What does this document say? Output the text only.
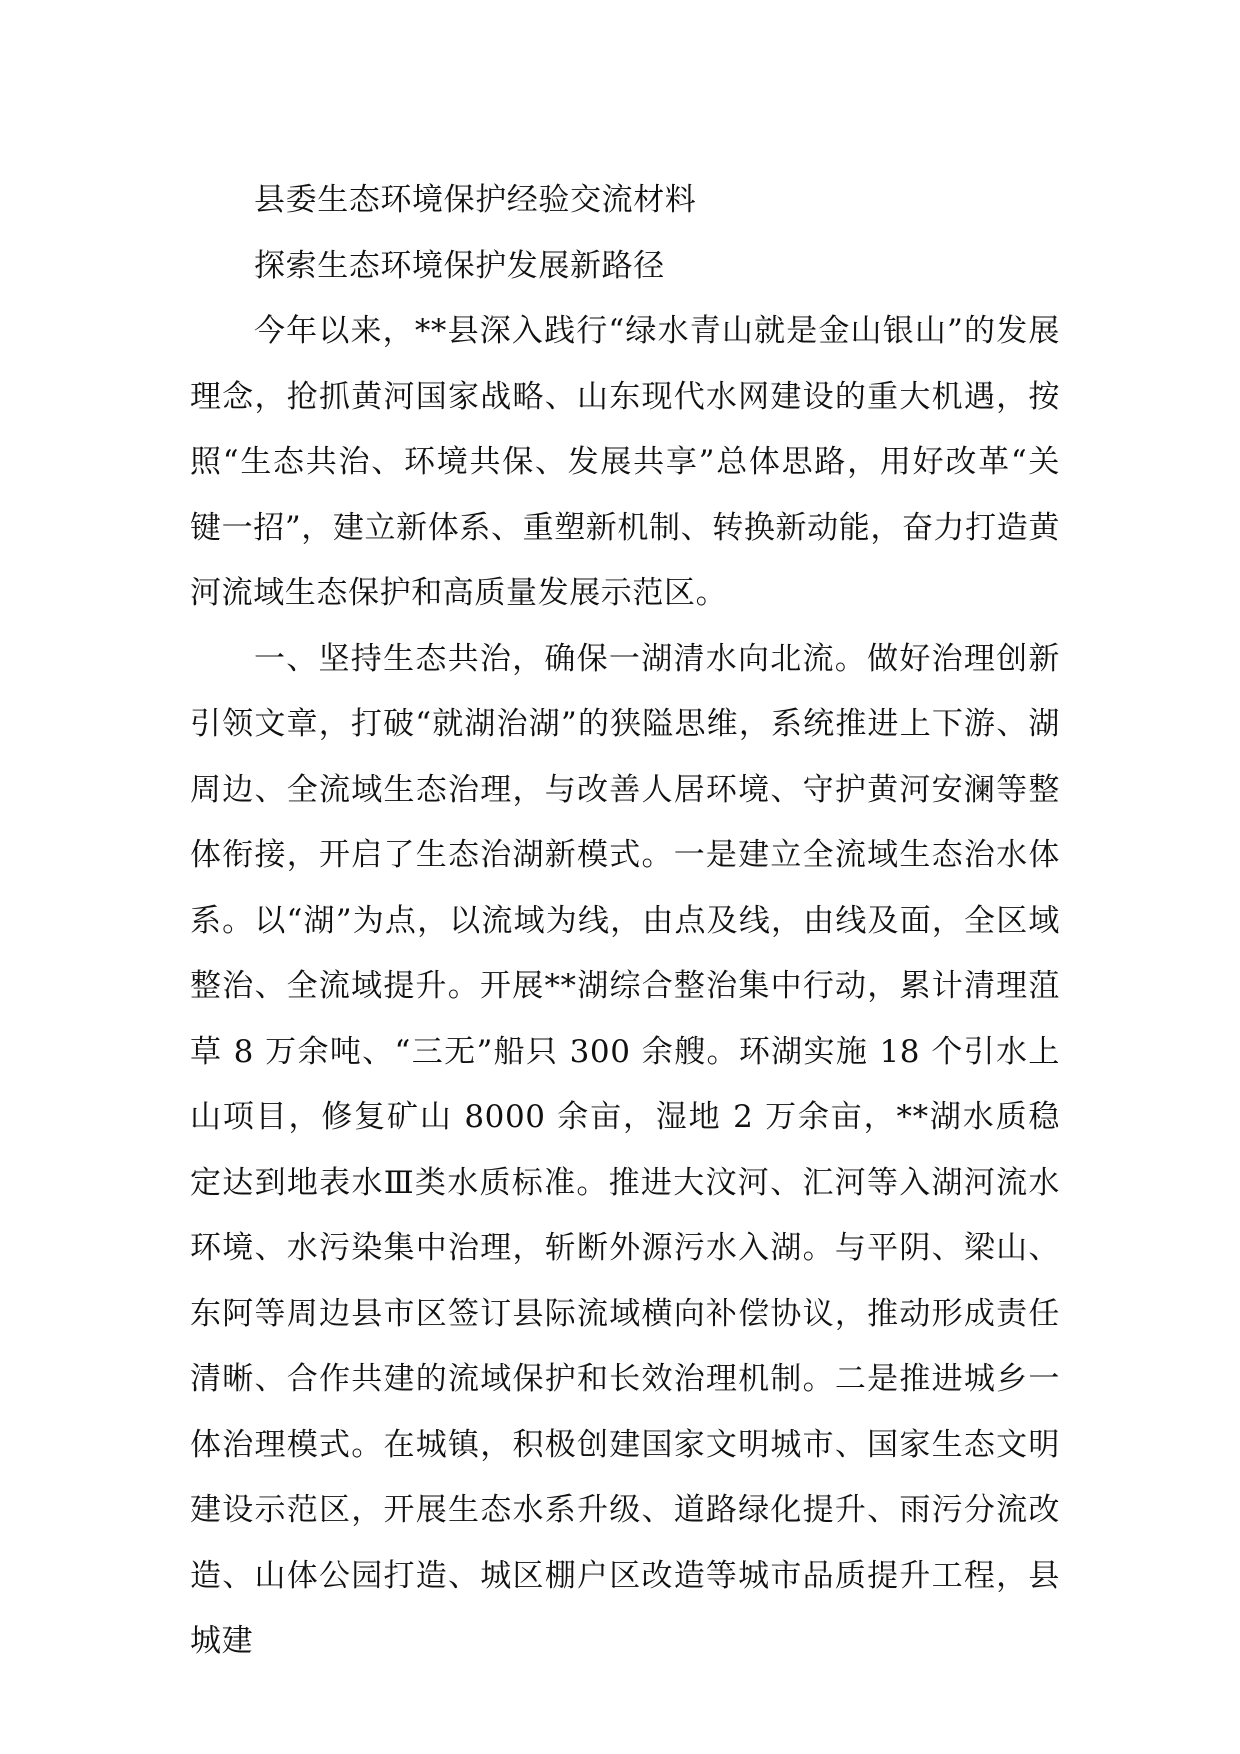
县委生态环境保护经验交流材料

探索生态环境保护发展新路径

今年以来，**县深入践行“绿水青山就是金山银山”的发展理念，抢抓黄河国家战略、山东现代水网建设的重大机遇，按照“生态共治、环境共保、发展共享”总体思路，用好改革“关键一招”，建立新体系、重塑新机制、转换新动能，奋力打造黄河流域生态保护和高质量发展示范区。

一、坚持生态共治，确保一湖清水向北流。做好治理创新引领文章，打破“就湖治湖”的狭隘思维，系统推进上下游、湖周边、全流域生态治理，与改善人居环境、守护黄河安澜等整体衔接，开启了生态治湖新模式。一是建立全流域生态治水体系。以“湖”为点，以流域为线，由点及线，由线及面，全区域整治、全流域提升。开展**湖综合整治集中行动，累计清理菹草 8 万余吨、“三无”船只 300 余艘。环湖实施 18 个引水上山项目，修复矿山 8000 余亩，湿地 2 万余亩，**湖水质稳定达到地表水Ⅲ类水质标准。推进大汶河、汇河等入湖河流水环境、水污染集中治理，斩断外源污水入湖。与平阴、梁山、东阿等周边县市区签订县际流域横向补偿协议，推动形成责任清晰、合作共建的流域保护和长效治理机制。二是推进城乡一体治理模式。在城镇，积极创建国家文明城市、国家生态文明建设示范区，开展生态水系升级、道路绿化提升、雨污分流改造、山体公园打造、城区棚户区改造等城市品质提升工程，县城建
